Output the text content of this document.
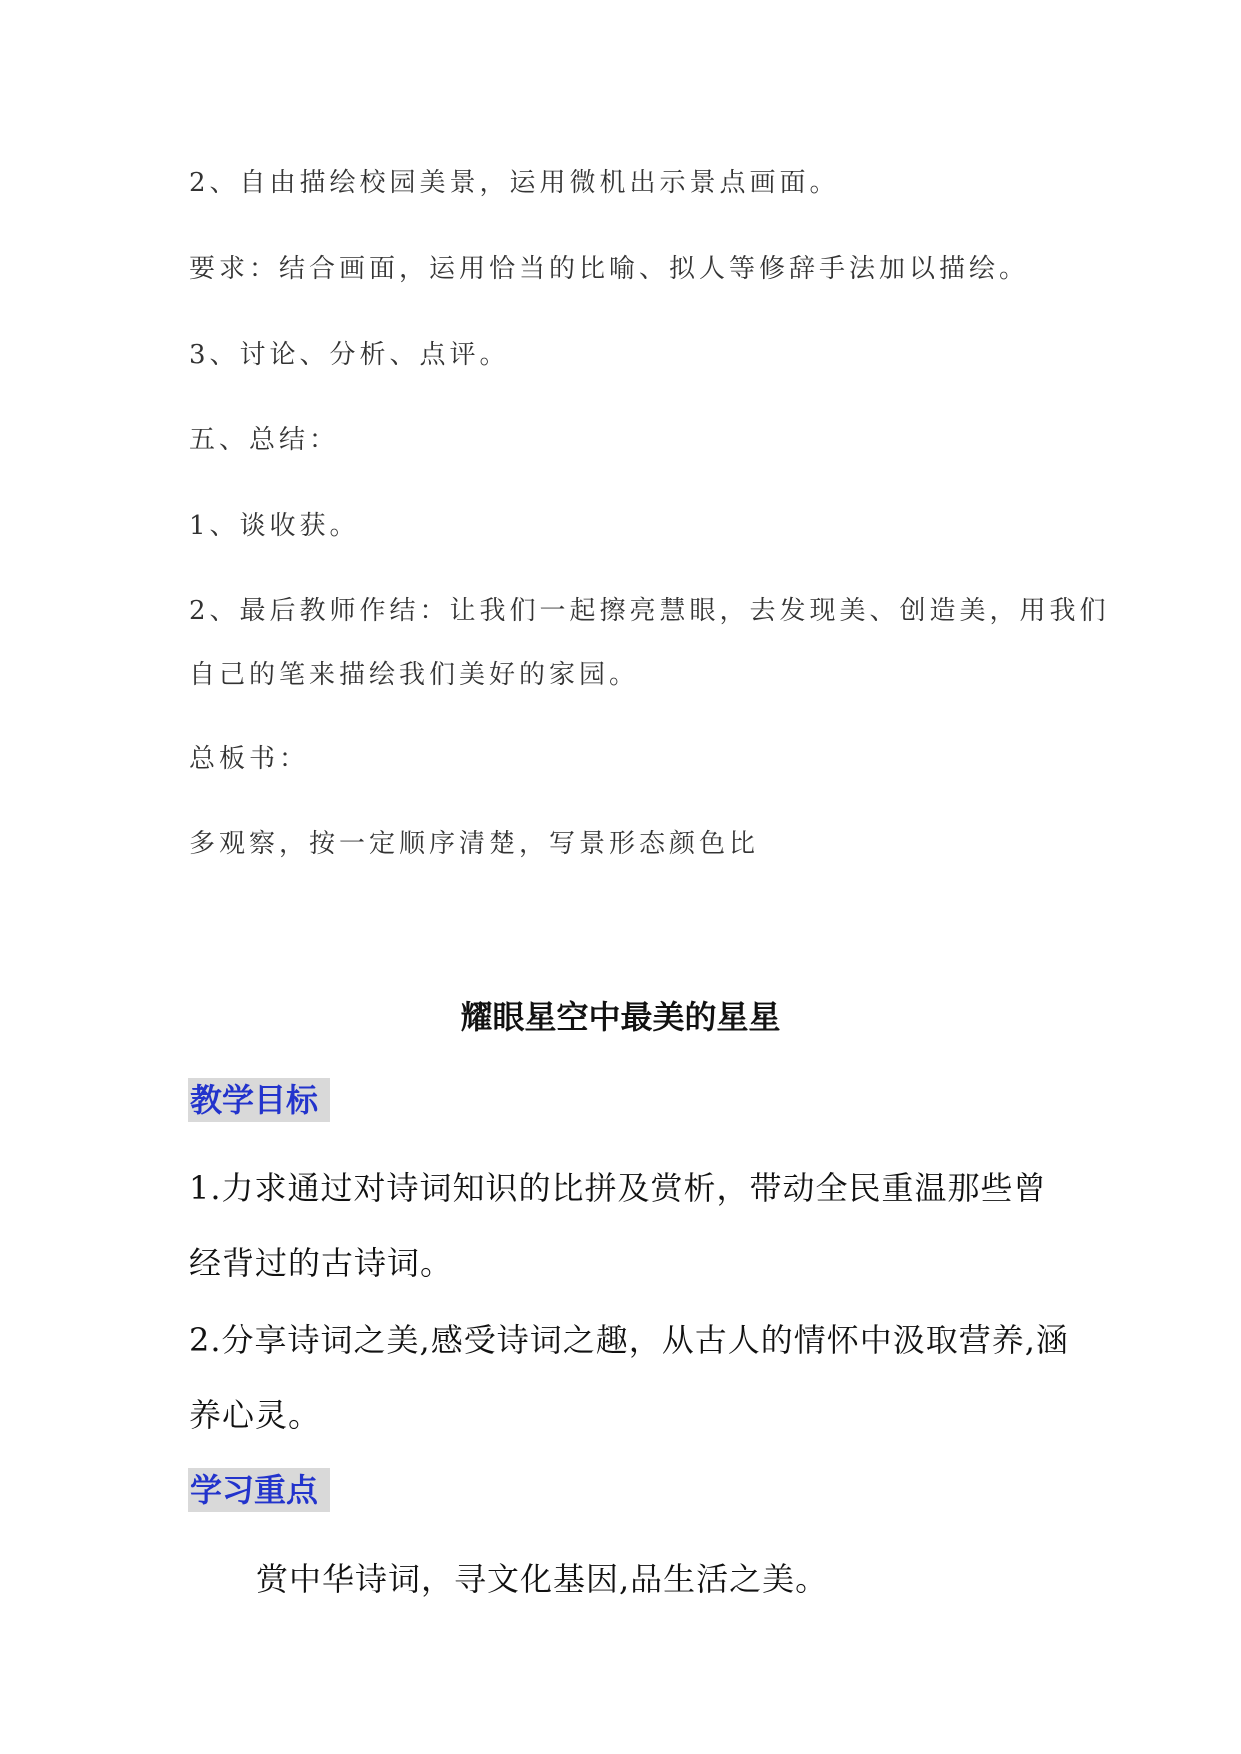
2、自由描绘校园美景，运用微机出示景点画面。

要求：结合画面，运用恰当的比喻、拟人等修辞手法加以描绘。

3、讨论、分析、点评。

五、总结：

1、谈收获。

2、最后教师作结：让我们一起擦亮慧眼，去发现美、创造美，用我们

自己的笔来描绘我们美好的家园。

总板书：

多观察，按一定顺序清楚，写景形态颜色比

耀眼星空中最美的星星
教学目标

1.力求通过对诗词知识的比拼及赏析，带动全民重温那些曾

经背过的古诗词。

2.分享诗词之美,感受诗词之趣，从古人的情怀中汲取营养,涵

养心灵。

学习重点

赏中华诗词，寻文化基因,品生活之美。
